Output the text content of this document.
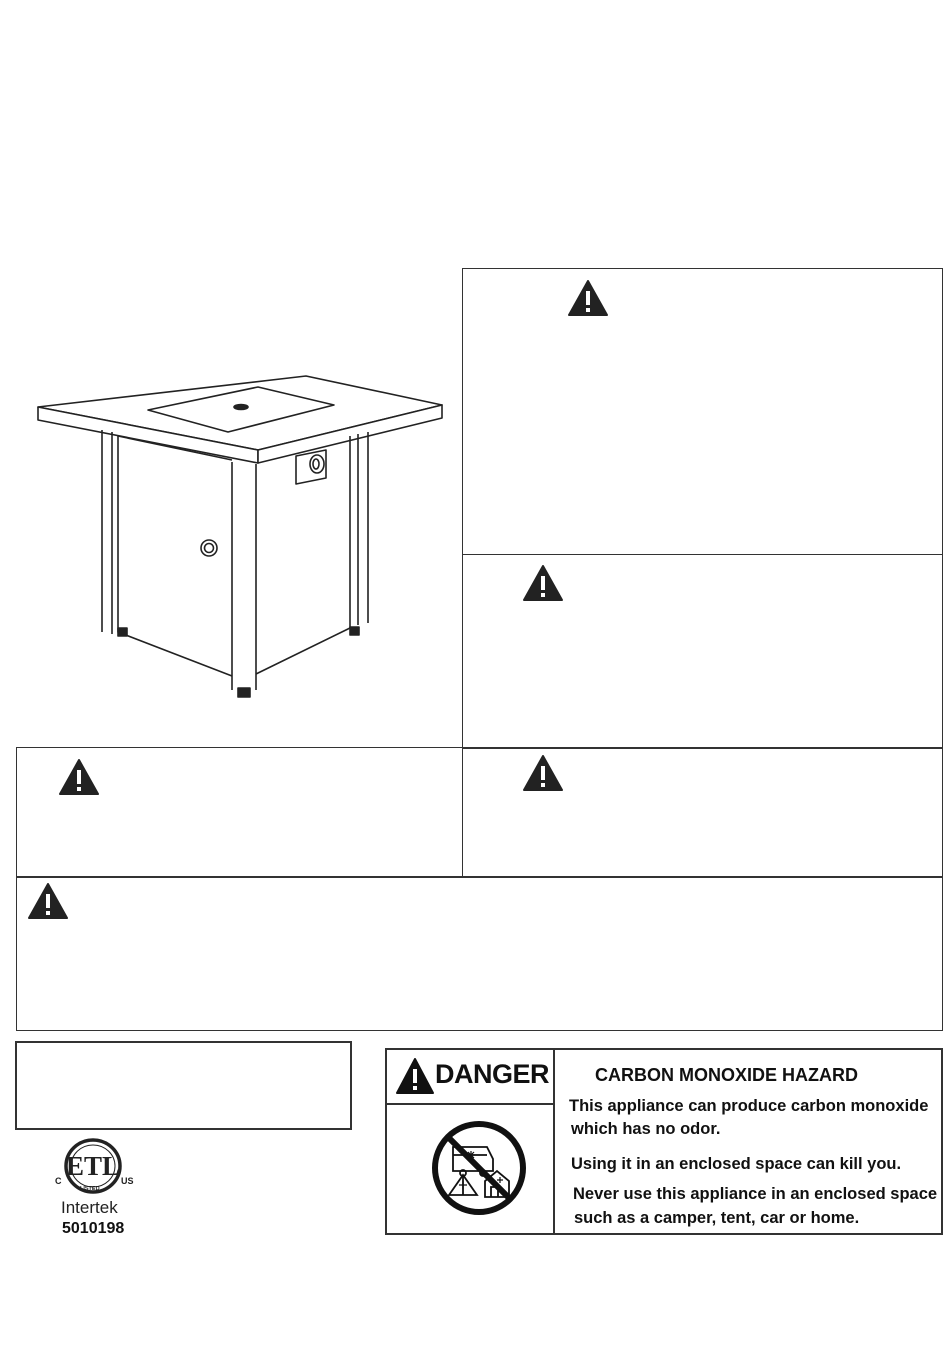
ETL
C	US
LISTED
Intertek
5010198
DANGER	CARBON MONOXIDE HAZARD
This appliance can produce carbon monoxide
which has no odor.
Using it in an enclosed space can kill you.
Never use this appliance in an enclosed space
such as a camper, tent, car or home.
